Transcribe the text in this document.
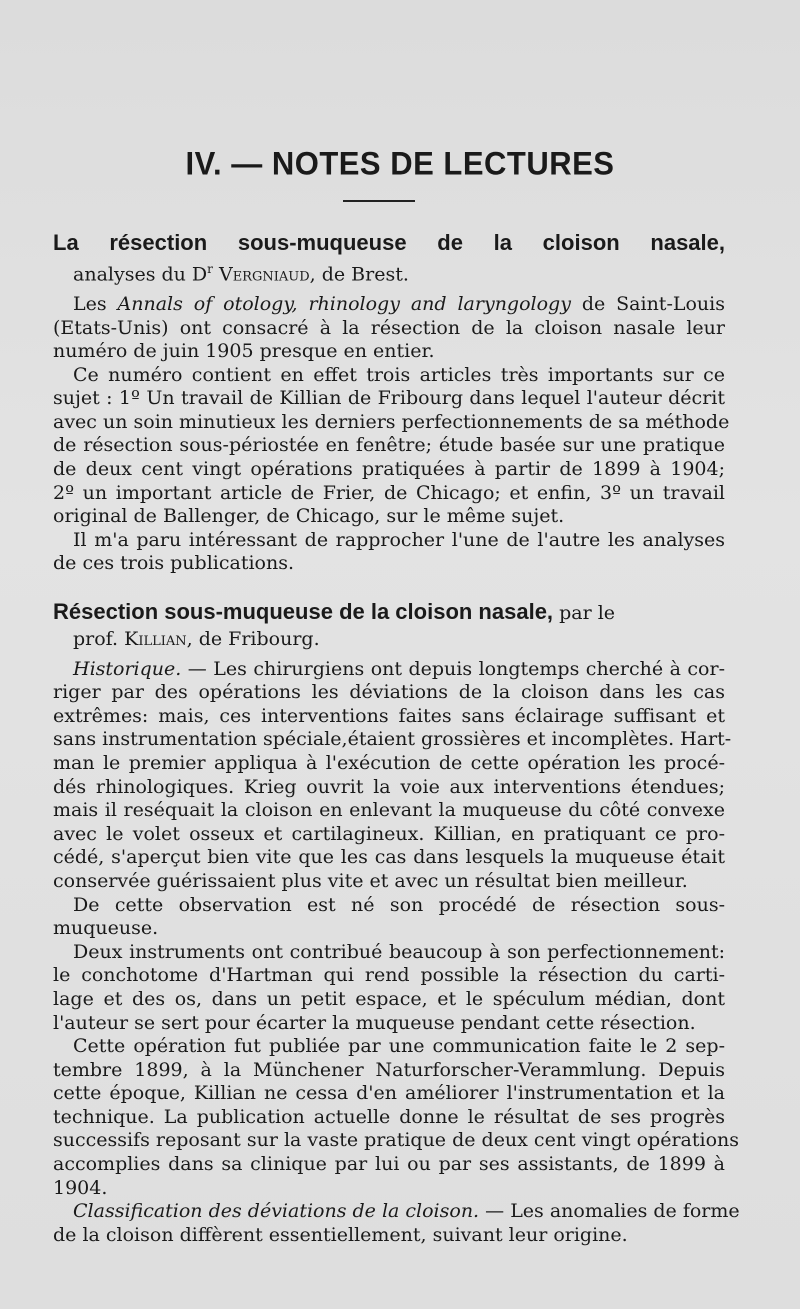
IV. — NOTES DE LECTURES
La résection sous-muqueuse de la cloison nasale,
analyses du $D^r$ Vergniaud, de Brest.
Les Annals of otology, rhinology and laryngology de Saint-Louis
(Etats-Unis) ont consacré à la résection de la cloison nasale leur
numéro de juin 1905 presque en entier.
Ce numéro contient en effet trois articles très importants sur ce
sujet : 1º Un travail de Killian de Fribourg dans lequel l'auteur décrit
avec un soin minutieux les derniers perfectionnements de sa méthode
de résection sous-périostée en fenêtre; étude basée sur une pratique
de deux cent vingt opérations pratiquées à partir de 1899 à 1904;
2º un important article de Frier, de Chicago; et enfin, 3º un travail
original de Ballenger, de Chicago, sur le même sujet.
Il m'a paru intéressant de rapprocher l'une de l'autre les analyses
de ces trois publications.
Résection sous-muqueuse de la cloison nasale, par le
prof. Killian, de Fribourg.
Historique. — Les chirurgiens ont depuis longtemps cherché à cor-
riger par des opérations les déviations de la cloison dans les cas
extrêmes: mais, ces interventions faites sans éclairage suffisant et
sans instrumentation spéciale,étaient grossières et incomplètes. Hart-
man le premier appliqua à l'exécution de cette opération les procé-
dés rhinologiques. Krieg ouvrit la voie aux interventions étendues;
mais il reséquait la cloison en enlevant la muqueuse du côté convexe
avec le volet osseux et cartilagineux. Killian, en pratiquant ce pro-
cédé, s'aperçut bien vite que les cas dans lesquels la muqueuse était
conservée guérissaient plus vite et avec un résultat bien meilleur.
De cette observation est né son procédé de résection sous-
muqueuse.
Deux instruments ont contribué beaucoup à son perfectionnement:
le conchotome d'Hartman qui rend possible la résection du carti-
lage et des os, dans un petit espace, et le spéculum médian, dont
l'auteur se sert pour écarter la muqueuse pendant cette résection.
Cette opération fut publiée par une communication faite le 2 sep-
tembre 1899, à la Münchener Naturforscher-Verammlung. Depuis
cette époque, Killian ne cessa d'en améliorer l'instrumentation et la
technique. La publication actuelle donne le résultat de ses progrès
successifs reposant sur la vaste pratique de deux cent vingt opérations
accomplies dans sa clinique par lui ou par ses assistants, de 1899 à
1904.
Classification des déviations de la cloison. — Les anomalies de forme
de la cloison diffèrent essentiellement, suivant leur origine.
